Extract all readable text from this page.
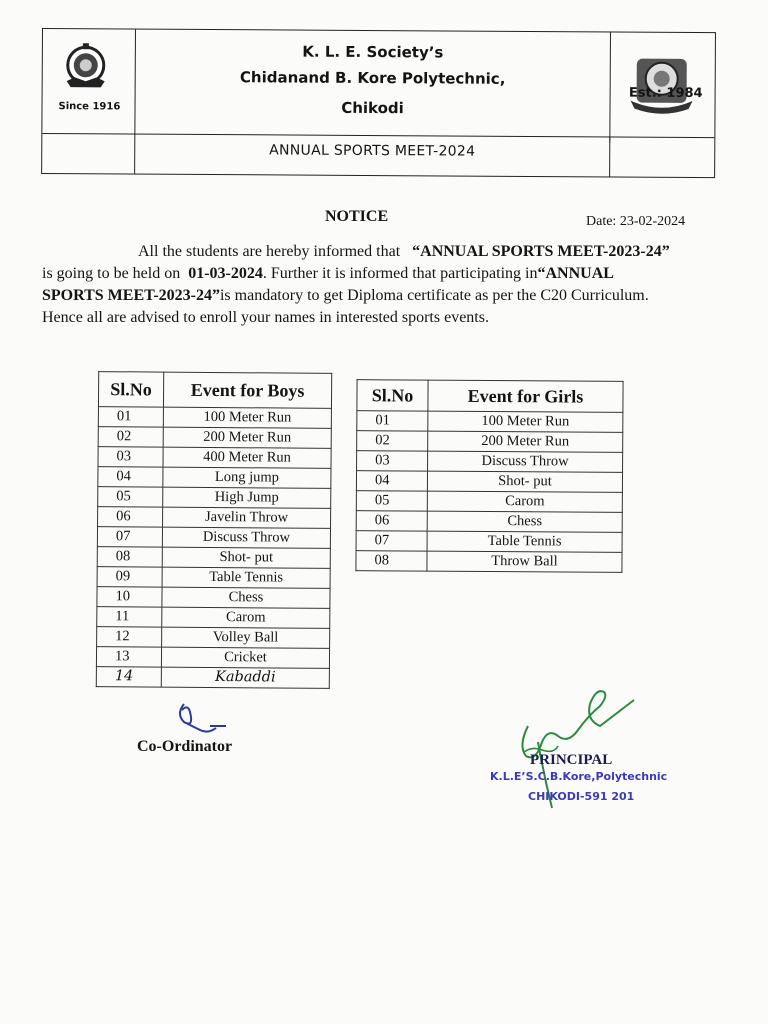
Since 1916
Est.: 1984
K. L. E. Society’s
Chidanand B. Kore Polytechnic,
Chikodi
ANNUAL SPORTS MEET-2024
NOTICE	Date: 23-02-2024
All the students are hereby informed that “ANNUAL SPORTS MEET-2023-24”
is going to be held on 01-03-2024. Further it is informed that participating in“ANNUAL
SPORTS MEET-2023-24”is mandatory to get Diploma certificate as per the C20 Curriculum.
Hence all are advised to enroll your names in interested sports events.
Sl.No	Event for Boys
01	100 Meter Run
02	200 Meter Run
03	400 Meter Run
04	Long jump
05	High Jump
06	Javelin Throw
07	Discuss Throw
08	Shot- put
09	Table Tennis
10	Chess
11	Carom
12	Volley Ball
13	Cricket
14	Kabaddi
Sl.No	Event for Girls
01	100 Meter Run
02	200 Meter Run
03	Discuss Throw
04	Shot- put
05	Carom
06	Chess
07	Table Tennis
08	Throw Ball
Co-Ordinator
PRINCIPAL
K.L.E’S.C.B.Kore,Polytechnic
CHIKODI-591 201
